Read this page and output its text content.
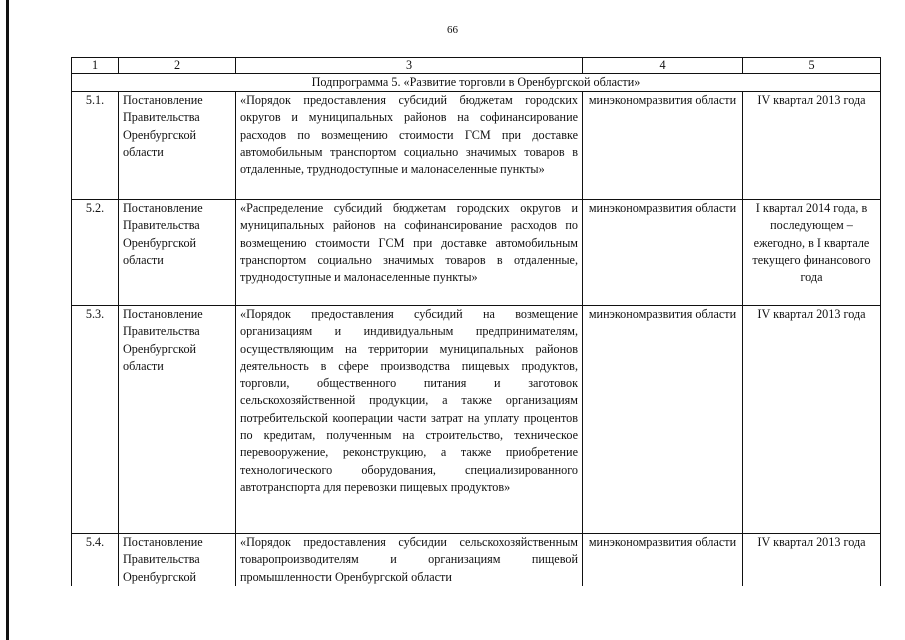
66
1	2	3	4	5
Подпрограмма 5. «Развитие торговли в Оренбургской области»				
5.1.	Постановление Правительства Оренбургской области	«Порядок предоставления субсидий бюджетам городских округов и муниципальных районов на софинансирование расходов по возмещению стоимости ГСМ при доставке автомобильным транспортом социально значимых товаров в отдаленные, труднодоступные и малонаселенные пункты»	минэкономразвития области	IV квартал 2013 года
5.2.	Постановление Правительства Оренбургской области	«Распределение субсидий бюджетам городских округов и муниципальных районов на софинансирование расходов по возмещению стоимости ГСМ при доставке автомобильным транспортом социально значимых товаров в отдаленные, труднодоступные и малонаселенные пункты»	минэкономразвития области	I квартал 2014 года, в последующем – ежегодно, в I квартале текущего финансового года
5.3.	Постановление Правительства Оренбургской области	«Порядок предоставления субсидий на возмещение организациям и индивидуальным предпринимателям, осуществляющим на территории муниципальных районов деятельность в сфере производства пищевых продуктов, торговли, общественного питания и заготовок сельскохозяйственной продукции, а также организациям потребительской кооперации части затрат на уплату процентов по кредитам, полученным на строительство, техническое перевооружение, реконструкцию, а также приобретение технологического оборудования, специализированного автотранспорта для перевозки пищевых продуктов»	минэкономразвития области	IV квартал 2013 года
5.4.	Постановление Правительства Оренбургской	«Порядок предоставления субсидии сельскохозяйственным товаропроизводителям и организациям пищевой промышленности Оренбургской области	минэкономразвития области	IV квартал 2013 года
